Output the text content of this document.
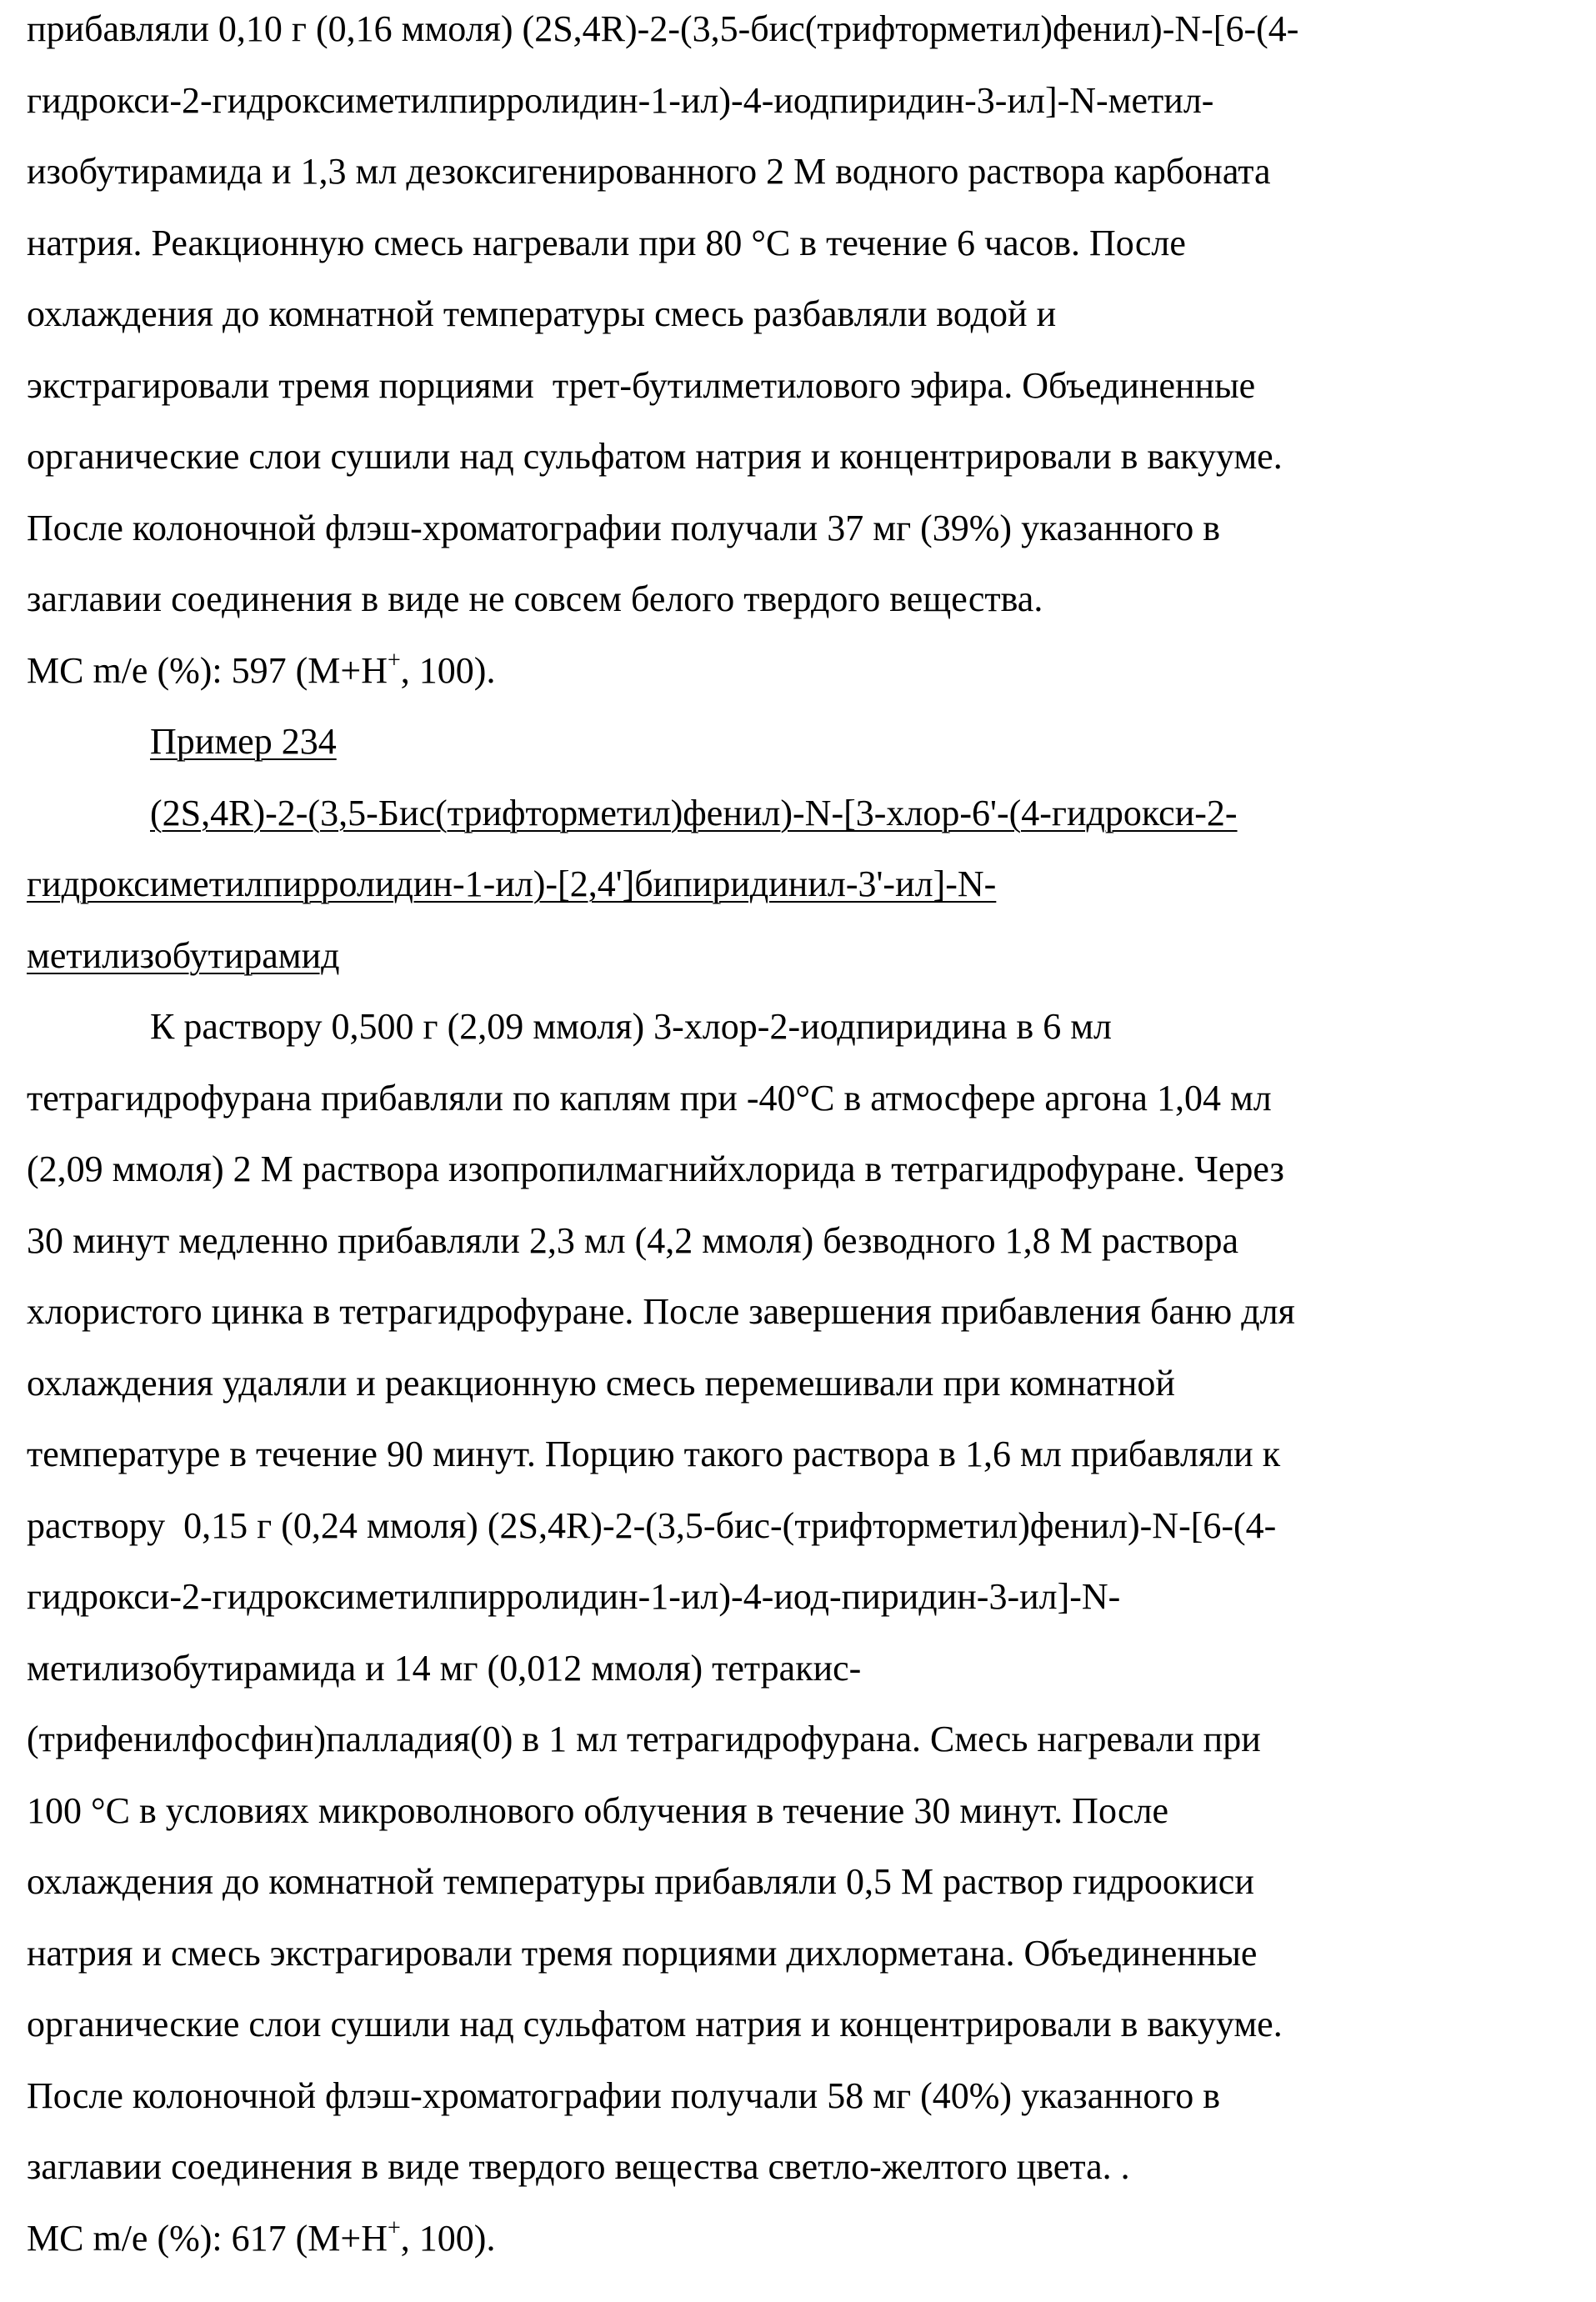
МС m/e (%): 597 (M+H+, 100).
МС m/e (%): 617 (M+H+, 100).
прибавляли 0,10 г (0,16 ммоля) (2S,4R)-2-(3,5-бис(трифторметил)фенил)-N-[6-(4-
гидрокси-2-гидроксиметилпирролидин-1-ил)-4-иодпиридин-3-ил]-N-метил-
изобутирамида и 1,3 мл дезоксигенированного 2 М водного раствора карбоната
натрия. Реакционную смесь нагревали при 80 °С в течение 6 часов. После
охлаждения до комнатной температуры смесь разбавляли водой и
экстрагировали тремя порциями  трет-бутилметилового эфира. Объединенные
органические слои сушили над сульфатом натрия и концентрировали в вакууме.
После колоночной флэш-хроматографии получали 37 мг (39%) указанного в
заглавии соединения в виде не совсем белого твердого вещества.
Пример 234
(2S,4R)-2-(3,5-Бис(трифторметил)фенил)-N-[3-хлор-6'-(4-гидрокси-2-
гидроксиметилпирролидин-1-ил)-[2,4']бипиридинил-3'-ил]-N-
метилизобутирамид
К раствору 0,500 г (2,09 ммоля) 3-хлор-2-иодпиридина в 6 мл
тетрагидрофурана прибавляли по каплям при -40°С в атмосфере аргона 1,04 мл
(2,09 ммоля) 2 М раствора изопропилмагнийхлорида в тетрагидрофуране. Через
30 минут медленно прибавляли 2,3 мл (4,2 ммоля) безводного 1,8 М раствора
хлористого цинка в тетрагидрофуране. После завершения прибавления баню для
охлаждения удаляли и реакционную смесь перемешивали при комнатной
температуре в течение 90 минут. Порцию такого раствора в 1,6 мл прибавляли к
раствору  0,15 г (0,24 ммоля) (2S,4R)-2-(3,5-бис-(трифторметил)фенил)-N-[6-(4-
гидрокси-2-гидроксиметилпирролидин-1-ил)-4-иод-пиридин-3-ил]-N-
метилизобутирамида и 14 мг (0,012 ммоля) тетракис-
(трифенилфосфин)палладия(0) в 1 мл тетрагидрофурана. Смесь нагревали при
100 °С в условиях микроволнового облучения в течение 30 минут. После
охлаждения до комнатной температуры прибавляли 0,5 М раствор гидроокиси
натрия и смесь экстрагировали тремя порциями дихлорметана. Объединенные
органические слои сушили над сульфатом натрия и концентрировали в вакууме.
После колоночной флэш-хроматографии получали 58 мг (40%) указанного в
заглавии соединения в виде твердого вещества светло-желтого цвета. .
